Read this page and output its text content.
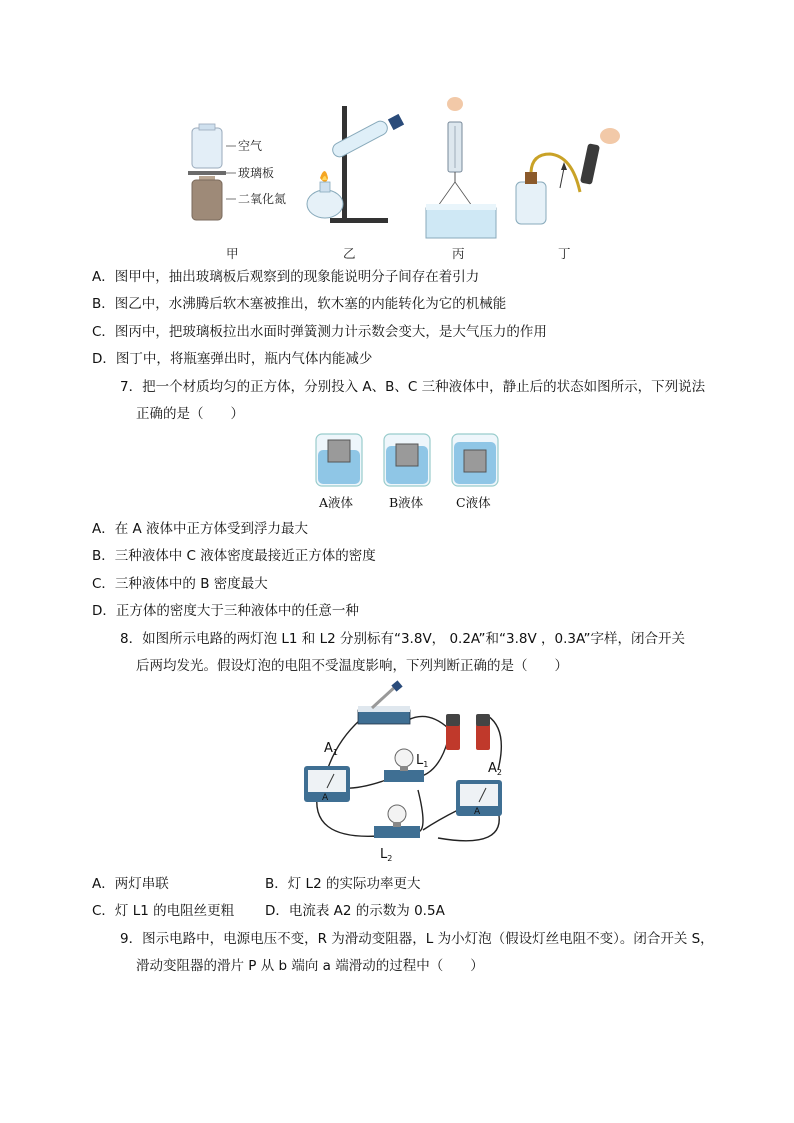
空气
玻璃板
二氧化氮
甲	乙	丙	丁
A．图甲中，抽出玻璃板后观察到的现象能说明分子间存在着引力
B．图乙中，水沸腾后软木塞被推出，软木塞的内能转化为它的机械能
C．图丙中，把玻璃板拉出水面时弹簧测力计示数会变大，是大气压力的作用
D．图丁中，将瓶塞弹出时，瓶内气体内能减少
7．把一个材质均匀的正方体，分别投入 A、B、C 三种液体中，静止后的状态如图所示，下列说法
正确的是（　　）
A液体	B液体	C液体
A．在 A 液体中正方体受到浮力最大
B．三种液体中 C 液体密度最接近正方体的密度
C．三种液体中的 B 密度最大
D．正方体的密度大于三种液体中的任意一种
8．如图所示电路的两灯泡 L1 和 L2 分别标有“3.8V， 0.2A”和“3.8V ，0.3A”字样，闭合开关
后两均发光。假设灯泡的电阻不受温度影响，下列判断正确的是（　　）
A
A
$A_1$
$L_1$	$A_2$
$L_2$
A．两灯串联	B．灯 L2 的实际功率更大
C．灯 L1 的电阻丝更粗 D．电流表 A2 的示数为 0.5A
9．图示电路中，电源电压不变，R 为滑动变阻器，L 为小灯泡（假设灯丝电阻不变）。闭合开关 S，
滑动变阻器的滑片 P 从 b 端向 a 端滑动的过程中（　　）
